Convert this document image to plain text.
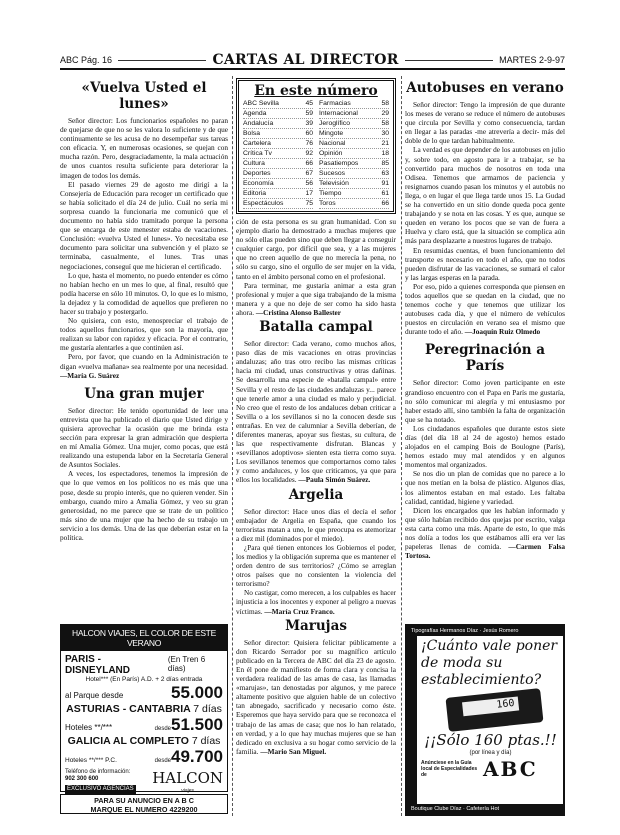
ABC Pág. 16	CARTAS AL DIRECTOR	MARTES 2-9-97
«Vuelva Usted el lunes»

Señor director: Los funcionarios españoles no paran de quejarse de que no se les valora lo suficiente y de que continuamente se les acusa de no desempeñar sus tareas con eficacia. Y, en numerosas ocasiones, se quejan con mucha razón. Pero, desgraciadamente, la mala actuación de unos cuantos resulta suficiente para deteriorar la imagen de todos los demás.

El pasado viernes 29 de agosto me dirigí a la Consejería de Educación para recoger un certificado que se había solicitado el día 24 de julio. Cuál no sería mi sorpresa cuando la funcionaria me comunicó que el documento no había sido tramitado porque la persona que se encarga de este menester estaba de vacaciones. Conclusión: «vuelva Usted el lunes». Yo necesitaba ese documento para solicitar una subvención y el plazo se terminaba, casualmente, el lunes. Tras unas negociaciones, conseguí que me hicieran el certificado.

Lo que, hasta el momento, no puedo entender es cómo no habían hecho en un mes lo que, al final, resultó que podía hacerse en sólo 10 minutos. O, lo que es lo mismo, la dejadez y la comodidad de aquellos que prefieren no hacer su trabajo y postergarlo.

No quisiera, con esto, menospreciar el trabajo de todos aquellos funcionarios, que son la mayoría, que realizan su labor con rapidez y eficacia. Por el contrario, me gustaría alentarles a que continúen así.

Pero, por favor, que cuando en la Administración te digan «vuelva mañana» sea realmente por una necesidad. —María G. Suárez

Una gran mujer

Señor director: He tenido oportunidad de leer una entrevista que ha publicado el diario que Usted dirige y quisiera aprovechar la ocasión que me brinda esta sección para expresar la gran admiración que despierta en mí Amalia Gómez. Una mujer, como pocas, que está realizando una estupenda labor en la Secretaría General de Asuntos Sociales.

A veces, los espectadores, tenemos la impresión de que lo que vemos en los políticos no es más que una pose, desde su propio interés, que no quieren vender. Sin embargo, cuando miro a Amalia Gómez, y veo su gran generosidad, no me parece que se trate de un político más sino de una mujer que ha hecho de su trabajo un servicio a los demás. Una de las que deberían estar en la política.

HALCON VIAJES, EL COLOR DE ESTE VERANO
PARIS - DISNEYLAND
(En Tren 6 días)
Hotel*** (En París) A.D. + 2 días entrada
al Parque desde	55.000
ASTURIAS - CANTABRIA 7 días
Hoteles **/***	desde51.500
GALICIA AL COMPLETO 7 días
Hoteles **/*** P.C.	desde49.700
Teléfono de información:
902 300 600
EXCLUSIVO AGENCIAS
HALCON
viajes
PARA SU ANUNCIO EN A B C
MARQUE EL NUMERO 4229200
En este número
ABC Sevilla	45 Farmacias	58
Agenda	59 Internacional	29
Andalucía	39 Jeroglífico	58
Bolsa	60 Mingote	30
Cartelera	76 Nacional	21
Crítica Tv	92 Opinión	18
Cultura	66 Pasatiempos	85
Deportes	67 Sucesos	63
Economía	56 Televisión	91
Editoria	17 Tiempo	61
Espectáculos	75 Toros	66

ción de esta persona es su gran humanidad. Con su ejemplo diario ha demostrado a muchas mujeres que no sólo ellas pueden sino que deben llegar a conseguir cualquier cargo, por difícil que sea, y a las mujeres que no creen aquello de que no merecía la pena, no sólo su cargo, sino el orgullo de ser mujer en la vida, tanto en el ámbito personal como en el profesional.

Para terminar, me gustaría animar a esta gran profesional y mujer a que siga trabajando de la misma manera y a que no deje de ser como ha sido hasta ahora. —Cristina Alonso Ballester

Batalla campal

Señor director: Cada verano, como muchos años, paso días de mis vacaciones en otras provincias andaluzas; año tras otro recibo las mismas críticas hacia mi ciudad, unas constructivas y otras dañinas. Se desarrolla una especie de «batalla campal» entre Sevilla y el resto de las ciudades andaluzas y... parece que tenerle amor a una ciudad es malo y perjudicial. No creo que el resto de los andaluces deban criticar a Sevilla o a los sevillanos si no la conocen desde sus entrañas. En vez de calumniar a Sevilla deberían, de diferentes maneras, apoyar sus fiestas, su cultura, de las que respectivamente disfrutan. Blancas y «sevillanos adoptivos» sienten esta tierra como suya. Los sevillanos tenemos que comportarnos como tales y como andaluces, y los que criticamos, ya que para ellos los localidades. —Paula Simón Suárez.

Argelia

Señor director: Hace unos días el decía el señor embajador de Argelia en España, que cuando los terroristas matan a uno, le que preocupa es atemorizar a diez mil (dominados por el miedo).

¿Para qué tienen entonces los Gobiernos el poder, los medios y la obligación suprema que es mantener el orden dentro de sus territorios? ¿Cómo se arreglan otros países que no consienten la violencia del terrorismo?

No castigar, como merecen, a los culpables es hacer injusticia a los inocentes y exponer al peligro a nuevas víctimas. —María Cruz Franco.

Marujas

Señor director: Quisiera felicitar públicamente a don Ricardo Serrador por su magnífico artículo publicado en la Tercera de ABC del día 23 de agosto. En él pone de manifiesto de forma clara y concisa la verdadera realidad de las amas de casa, las llamadas «marujas», tan denostadas por algunos, y me parece altamente positivo que alguien hable de un colectivo tan abnegado, sacrificado y necesario como éste. Esperemos que haya servido para que se reconozca el trabajo de las amas de casa; que nos lo han relatado, en verdad, y a lo que hay muchas mujeres que se han dedicado en exclusiva a su hogar como servicio de la familia. —Mario San Miguel.

Autobuses en verano

Señor director: Tengo la impresión de que durante los meses de verano se reduce el número de autobuses que circula por Sevilla y como consecuencia, tardan en llegar a las paradas -me atrevería a decir- más del doble de lo que tardan habitualmente.

La verdad es que depender de los autobuses en julio y, sobre todo, en agosto para ir a trabajar, se ha convertido para muchos de nosotros en toda una Odisea. Tenemos que armarnos de paciencia y resignarnos cuando pasan los minutos y el autobús no llega, o en lugar el que llega tarde unos 15. La Gudad se ha convertido en un sitio donde queda poca gente trabajando y se nota en las cosas. Y es que, aunque se queden en verano los pocos que se van de fuera a Huelva y claro está, que la situación se complica aún más para desplazarte a nuestros lugares de trabajo.

En resumidas cuentas, el buen funcionamiento del transporte es necesario en todo el año, que no todos pueden disfrutar de las vacaciones, se sumará el calor y las largas esperas en la parada.

Por eso, pido a quienes corresponda que piensen en todos aquellos que se quedan en la ciudad, que no tenemos coche y que tenemos que utilizar los autobuses cada día, y que el número de vehículos puestos en circulación en verano sea el mismo que durante todo el año. —Joaquín Ruiz Olmedo

Peregrinación a París

Señor director: Como joven participante en este grandioso encuentro con el Papa en París me gustaría, no sólo comunicar mi alegría y mi entusiasmo por haber estado allí, sino también la falta de organización que se ha notado.

Los ciudadanos españoles que durante estos siete días (del día 18 al 24 de agosto) hemos estado alojados en el camping Bois de Boulogne (París), hemos estado muy mal atendidos y en algunos momentos mal organizados.

Se nos dio un plan de comidas que no parece a lo que nos metían en la bolsa de plástico. Algunos días, los alimentos estaban en mal estado. Les faltaba calidad, cantidad, higiene y variedad.

Dicen los encargados que les habían informado y que sólo habían recibido dos quejas por escrito, valga esta carta como una más. Aparte de esto, lo que más nos dolía a todos los que estábamos allí era ver las papeleras llenas de comida. —Carmen Falsa Tortosa.

Tipografías Hermanos Díaz · Jesús Romero
¡Cuánto vale poner de moda su establecimiento?
160
¡¡Sólo 160 ptas.!!
(por línea y día)
Anúnciese en la Guía local de Especialidades de	ABC
Boutique Clube Díaz · Cafetería Hot
